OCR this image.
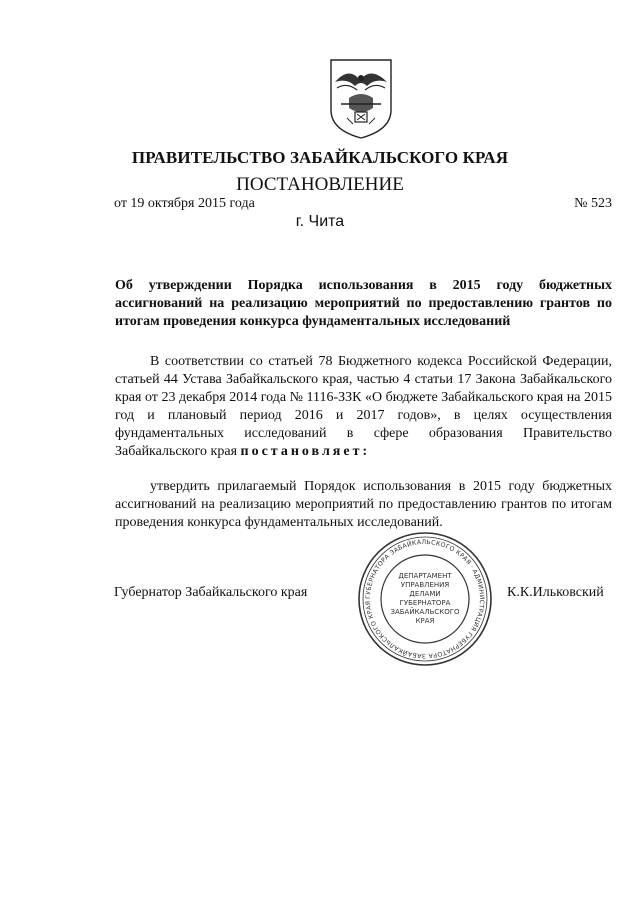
ПРАВИТЕЛЬСТВО ЗАБАЙКАЛЬСКОГО КРАЯ
ПОСТАНОВЛЕНИЕ
от 19 октября 2015 года	№ 523
г. Чита
Об утверждении Порядка использования в 2015 году бюджетных ассигнований на реализацию мероприятий по предоставлению грантов по итогам проведения конкурса фундаментальных исследований
В соответствии со статьей 78 Бюджетного кодекса Российской Федерации, статьей 44 Устава Забайкальского края, частью 4 статьи 17 Закона Забайкальского края от 23 декабря 2014 года № 1116-ЗЗК «О бюджете Забайкальского края на 2015 год и плановый период 2016 и 2017 годов», в целях осуществления фундаментальных исследований в сфере образования Правительство Забайкальского края постановляет:
утвердить прилагаемый Порядок использования в 2015 году бюджетных ассигнований на реализацию мероприятий по предоставлению грантов по итогам проведения конкурса фундаментальных исследований.
Губернатор Забайкальского края	К.К.Ильковский
ГУБЕРНАТОРА ЗАБАЙКАЛЬСКОГО КРАЯ · АДМИНИСТРАЦИЯ ГУБЕРНАТОРА ЗАБАЙКАЛЬСКОГО КРАЯ
ДЕПАРТАМЕНТ
УПРАВЛЕНИЯ
ДЕЛАМИ
ГУБЕРНАТОРА
ЗАБАЙКАЛЬСКОГО
КРАЯ
